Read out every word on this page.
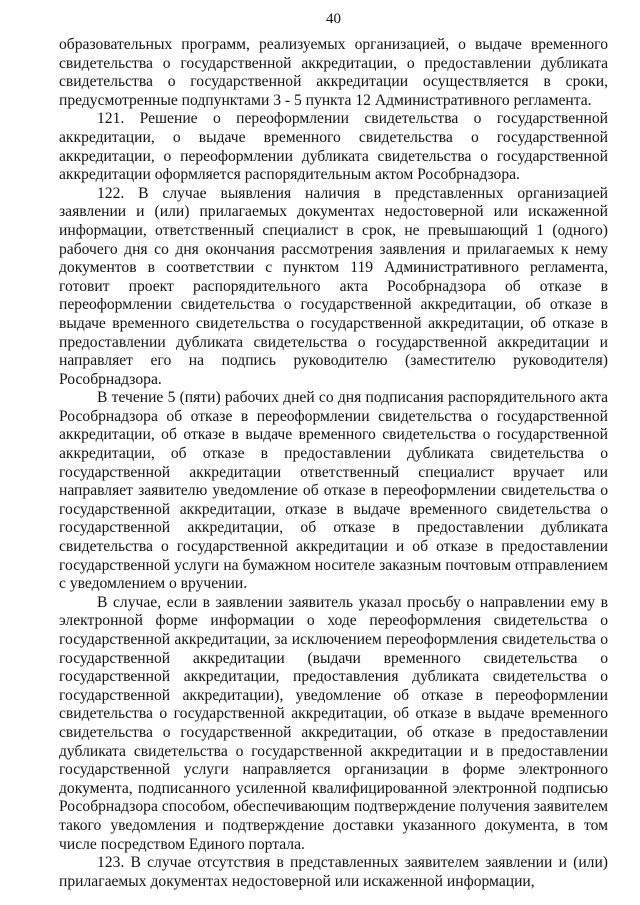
40

образовательных программ, реализуемых организацией, о выдаче временного свидетельства о государственной аккредитации, о предоставлении дубликата свидетельства о государственной аккредитации осуществляется в сроки, предусмотренные подпунктами 3 - 5 пункта 12 Административного регламента.

121. Решение о переоформлении свидетельства о государственной аккредитации, о выдаче временного свидетельства о государственной аккредитации, о переоформлении дубликата свидетельства о государственной аккредитации оформляется распорядительным актом Рособрнадзора.

122. В случае выявления наличия в представленных организацией заявлении и (или) прилагаемых документах недостоверной или искаженной информации, ответственный специалист в срок, не превышающий 1 (одного) рабочего дня со дня окончания рассмотрения заявления и прилагаемых к нему документов в соответствии с пунктом 119 Административного регламента, готовит проект распорядительного акта Рособрнадзора об отказе в переоформлении свидетельства о государственной аккредитации, об отказе в выдаче временного свидетельства о государственной аккредитации, об отказе в предоставлении дубликата свидетельства о государственной аккредитации и направляет его на подпись руководителю (заместителю руководителя) Рособрнадзора.

В течение 5 (пяти) рабочих дней со дня подписания распорядительного акта Рособрнадзора об отказе в переоформлении свидетельства о государственной аккредитации, об отказе в выдаче временного свидетельства о государственной аккредитации, об отказе в предоставлении дубликата свидетельства о государственной аккредитации ответственный специалист вручает или направляет заявителю уведомление об отказе в переоформлении свидетельства о государственной аккредитации, отказе в выдаче временного свидетельства о государственной аккредитации, об отказе в предоставлении дубликата свидетельства о государственной аккредитации и об отказе в предоставлении государственной услуги на бумажном носителе заказным почтовым отправлением с уведомлением о вручении.

В случае, если в заявлении заявитель указал просьбу о направлении ему в электронной форме информации о ходе переоформления свидетельства о государственной аккредитации, за исключением переоформления свидетельства о государственной аккредитации (выдачи временного свидетельства о государственной аккредитации, предоставления дубликата свидетельства о государственной аккредитации), уведомление об отказе в переоформлении свидетельства о государственной аккредитации, об отказе в выдаче временного свидетельства о государственной аккредитации, об отказе в предоставлении дубликата свидетельства о государственной аккредитации и в предоставлении государственной услуги направляется организации в форме электронного документа, подписанного усиленной квалифицированной электронной подписью Рособрнадзора способом, обеспечивающим подтверждение получения заявителем такого уведомления и подтверждение доставки указанного документа, в том числе посредством Единого портала.

123. В случае отсутствия в представленных заявителем заявлении и (или) прилагаемых документах недостоверной или искаженной информации,
